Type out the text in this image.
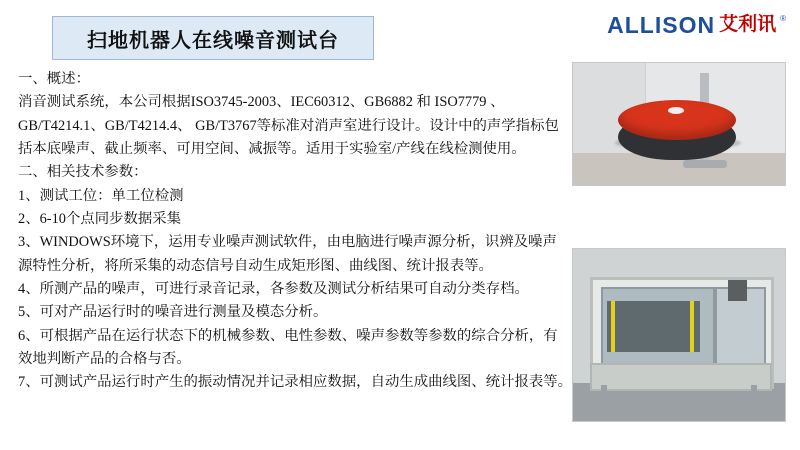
扫地机器人在线噪音测试台
ALLISON 艾利讯 ®
一、概述：
消音测试系统，本公司根据ISO3745-2003、IEC60312、GB6882 和 ISO7779 、GB/T4214.1、GB/T4214.4、 GB/T3767等标准对消声室进行设计。设计中的声学指标包括本底噪声、截止频率、可用空间、减振等。适用于实验室/产线在线检测使用。
二、相关技术参数：
1、测试工位：单工位检测
2、6-10个点同步数据采集
3、WINDOWS环境下，运用专业噪声测试软件，由电脑进行噪声源分析，识辨及噪声源特性分析，将所采集的动态信号自动生成矩形图、曲线图、统计报表等。
4、所测产品的噪声，可进行录音记录，各参数及测试分析结果可自动分类存档。
5、可对产品运行时的噪音进行测量及模态分析。
6、可根据产品在运行状态下的机械参数、电性参数、噪声参数等参数的综合分析，有效地判断产品的合格与否。
7、可测试产品运行时产生的振动情况并记录相应数据，自动生成曲线图、统计报表等。
